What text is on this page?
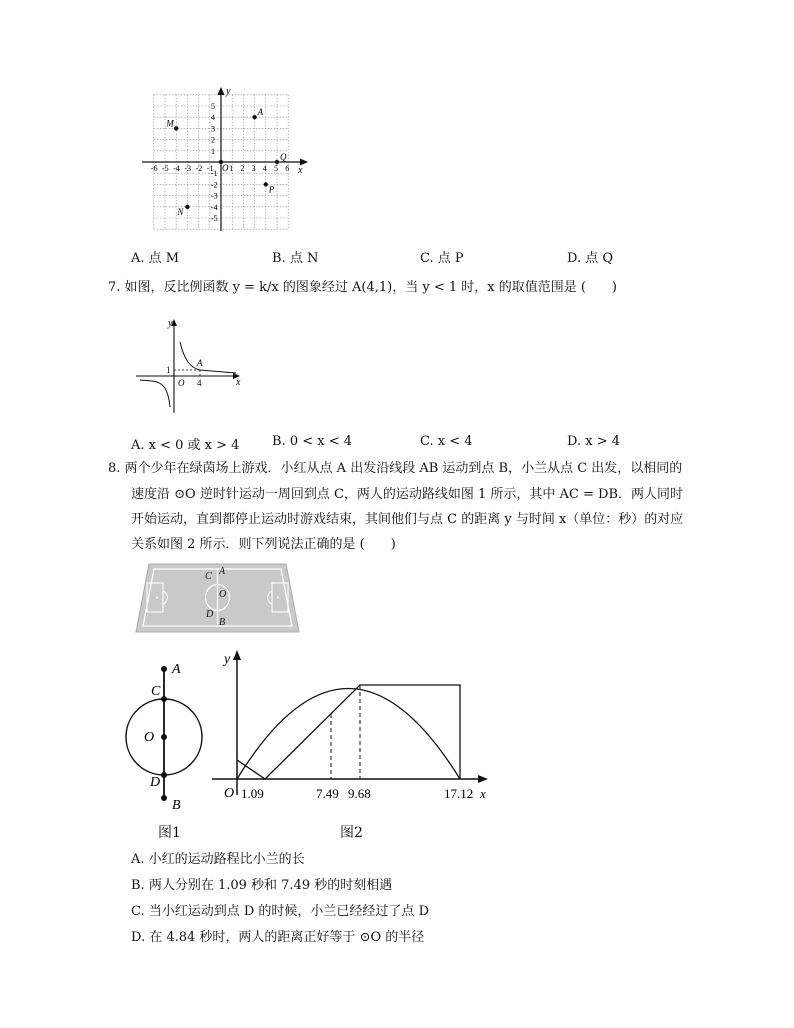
y
x
O
-6 -5 -4 -3 -2 -1 1 2 3 4 5 6
5
4
3
2
1
-1
-2
-3
-4
-5
M
A
Q
P
N
A. 点 M	B. 点 N	C. 点 P	D. 点 Q
7. 如图，反比例函数 y = k/x 的图象经过 A(4,1)，当 y < 1 时，x 的取值范围是 (　　)
y
x
1
O 4
A
A. x < 0 或 x > 4	B. 0 < x < 4	C. x < 4	D. x > 4
8. 两个少年在绿茵场上游戏．小红从点 A 出发沿线段 AB 运动到点 B，小兰从点 C 出发，以相同的
速度沿 ⊙O 逆时针运动一周回到点 C，两人的运动路线如图 1 所示，其中 AC = DB．两人同时
开始运动，直到都停止运动时游戏结束，其间他们与点 C 的距离 y 与时间 x（单位：秒）的对应
关系如图 2 所示．则下列说法正确的是 (　　)
C A
O
D
B
A
C
O
D
B
y
x
O 1.09	7.49 9.68	17.12
图1	图2
A. 小红的运动路程比小兰的长
B. 两人分别在 1.09 秒和 7.49 秒的时刻相遇
C. 当小红运动到点 D 的时候，小兰已经经过了点 D
D. 在 4.84 秒时，两人的距离正好等于 ⊙O 的半径
